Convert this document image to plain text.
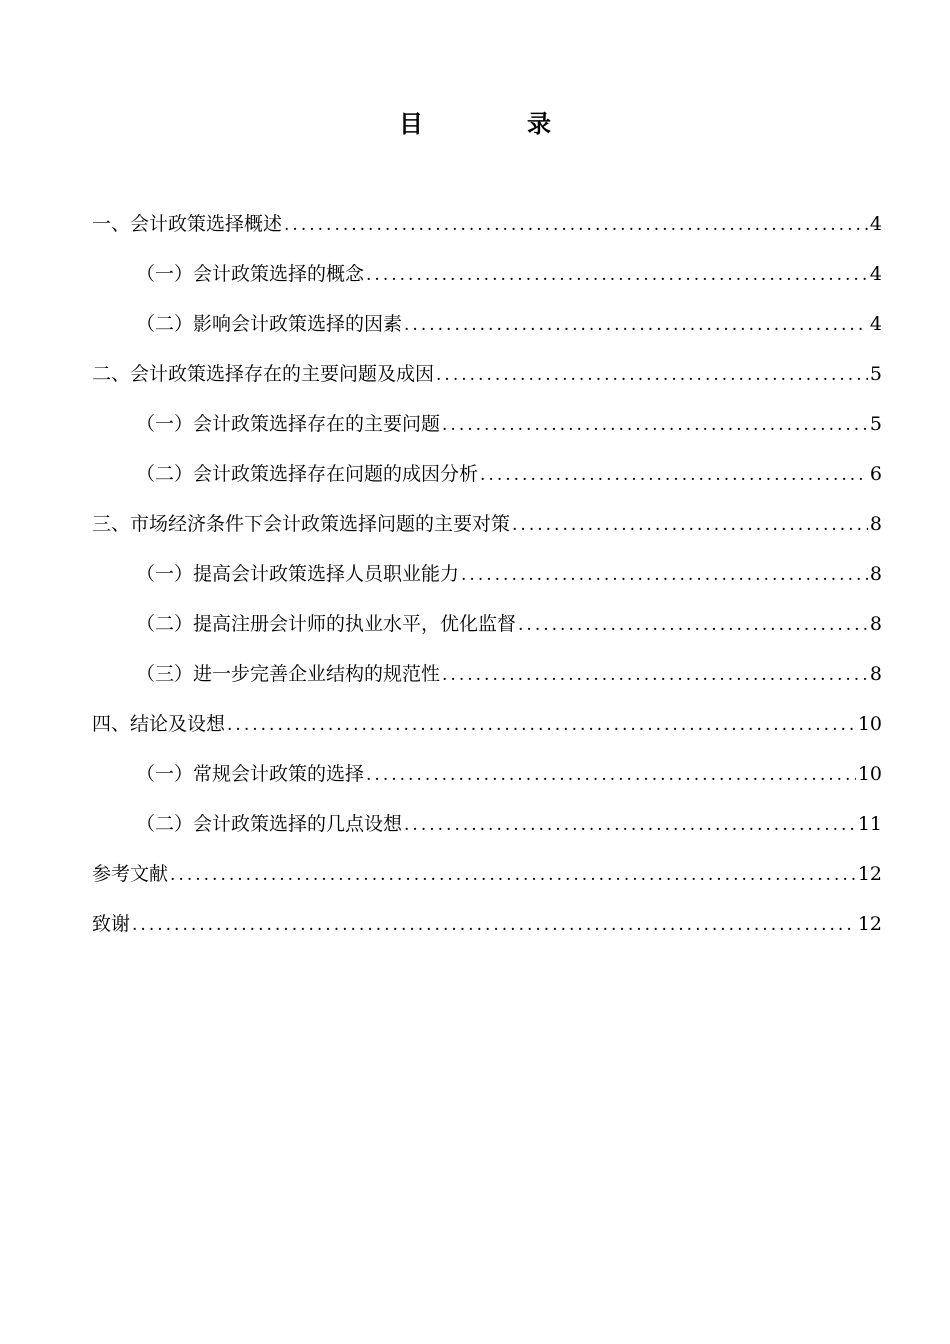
目　录
一、会计政策选择概述 .....	4
（一）会计政策选择的概念 .....	4
（二）影响会计政策选择的因素 .....	4
二、会计政策选择存在的主要问题及成因 .....	5
（一）会计政策选择存在的主要问题 .....	5
（二）会计政策选择存在问题的成因分析 .....	6
三、市场经济条件下会计政策选择问题的主要对策 .....	8
（一）提高会计政策选择人员职业能力 .....	8
（二）提高注册会计师的执业水平，优化监督 .....	8
（三）进一步完善企业结构的规范性 .....	8
四、结论及设想 .....	10
（一）常规会计政策的选择 .....	10
（二）会计政策选择的几点设想 .....	11
参考文献 .....	12
致谢 .....	12
